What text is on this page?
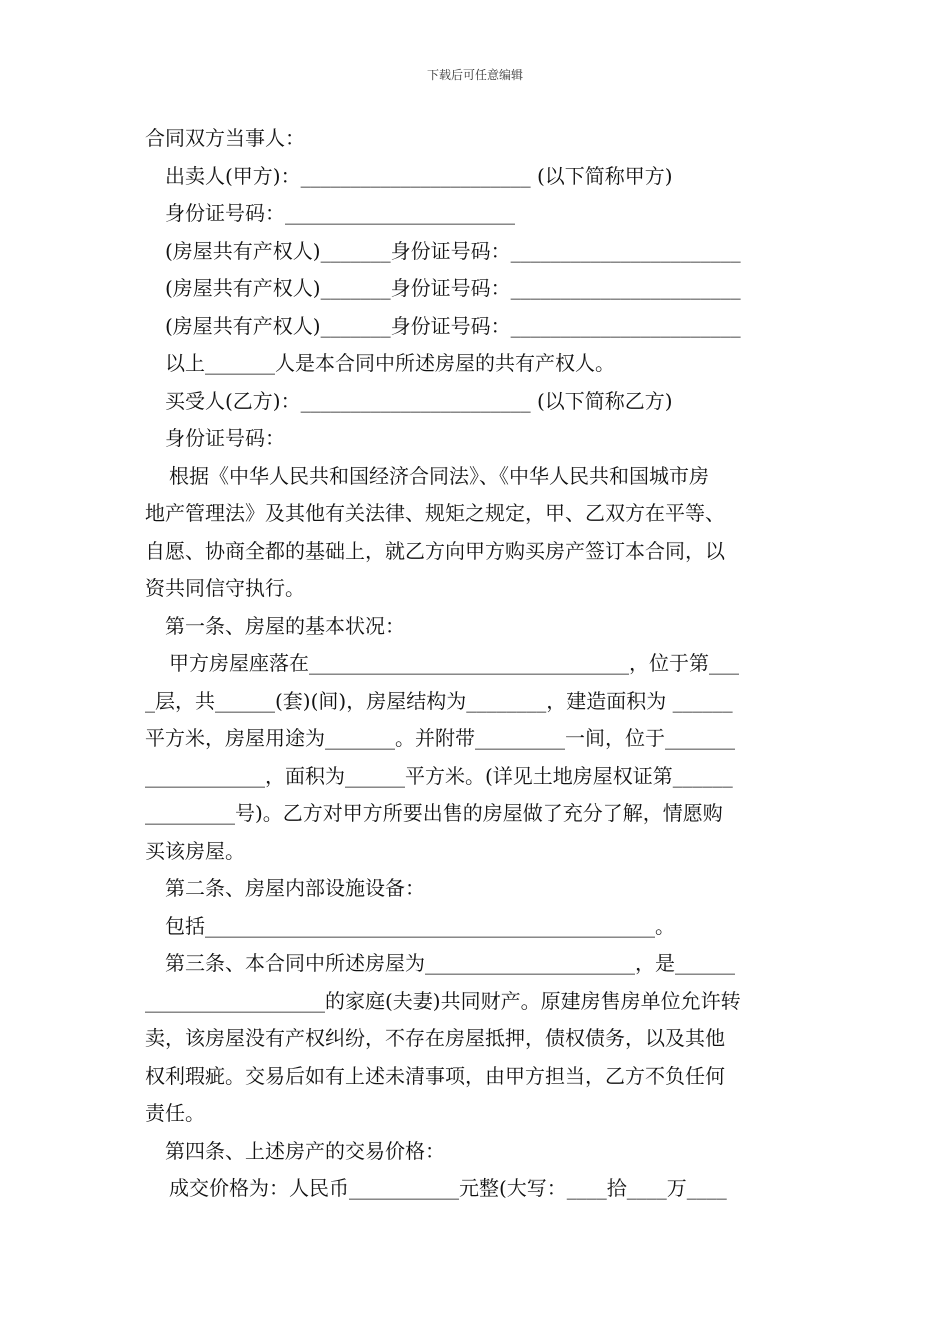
下载后可任意编辑
合同双方当事人：
出卖人(甲方)：_______________________ (以下简称甲方)
身份证号码：_______________________
(房屋共有产权人)_______身份证号码：_______________________
(房屋共有产权人)_______身份证号码：_______________________
(房屋共有产权人)_______身份证号码：_______________________
以上_______人是本合同中所述房屋的共有产权人。
买受人(乙方)：_______________________ (以下简称乙方)
身份证号码：
根据《中华人民共和国经济合同法》、《中华人民共和国城市房
地产管理法》及其他有关法律、规矩之规定，甲、乙双方在平等、
自愿、协商全都的基础上，就乙方向甲方购买房产签订本合同，以
资共同信守执行。
第一条、房屋的基本状况：
甲方房屋座落在________________________________，位于第___
_层，共______(套)(间)，房屋结构为________，建造面积为 ______
平方米，房屋用途为_______。并附带_________一间，位于_______
____________，面积为______平方米。(详见土地房屋权证第______
_________号)。乙方对甲方所要出售的房屋做了充分了解，情愿购
买该房屋。
第二条、房屋内部设施设备：
包括_____________________________________________。
第三条、本合同中所述房屋为_____________________，是______
__________________的家庭(夫妻)共同财产。原建房售房单位允许转
卖，该房屋没有产权纠纷，不存在房屋抵押，债权债务，以及其他
权利瑕疵。交易后如有上述未清事项，由甲方担当，乙方不负任何
责任。
第四条、上述房产的交易价格：
成交价格为：人民币___________元整(大写：____拾____万____
